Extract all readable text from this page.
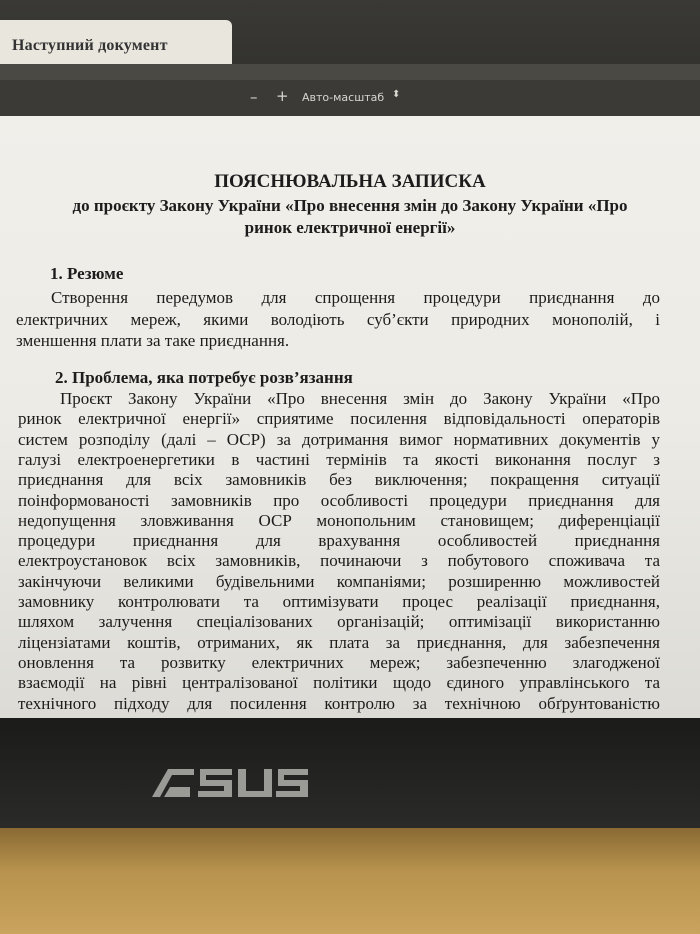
Наступний документ
– + Авто-масштаб ⬍
ПОЯСНЮВАЛЬНА ЗАПИСКА
до проєкту Закону України «Про внесення змін до Закону України «Про
ринок електричної енергії»
1. Резюме
Створення передумов для спрощення процедури приєднання до
електричних мереж, якими володіють суб’єкти природних монополій, і
зменшення плати за таке приєднання.
2. Проблема, яка потребує розв’язання
Проєкт Закону України «Про внесення змін до Закону України «Про
ринок електричної енергії» сприятиме посилення відповідальності операторів
систем розподілу (далі – ОСР) за дотримання вимог нормативних документів у
галузі електроенергетики в частині термінів та якості виконання послуг з
приєднання для всіх замовників без виключення; покращення ситуації
поінформованості замовників про особливості процедури приєднання для
недопущення зловживання ОСР монопольним становищем; диференціації
процедури приєднання для врахування особливостей приєднання
електроустановок всіх замовників, починаючи з побутового споживача та
закінчуючи великими будівельними компаніями; розширенню можливостей
замовнику контролювати та оптимізувати процес реалізації приєднання,
шляхом залучення спеціалізованих організацій; оптимізації використанню
ліцензіатами коштів, отриманих, як плата за приєднання, для забезпечення
оновлення та розвитку електричних мереж; забезпеченню злагодженої
взаємодії на рівні централізованої політики щодо єдиного управлінського та
технічного підходу для посилення контролю за технічною обґрунтованістю
